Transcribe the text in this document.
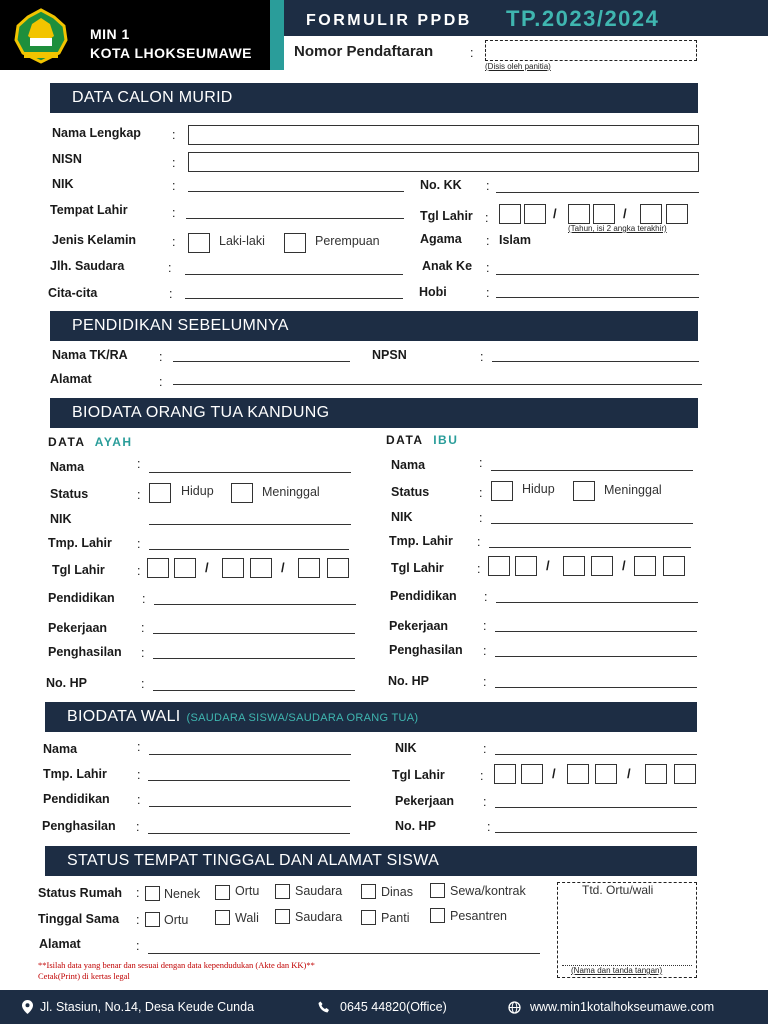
MIN 1
KOTA LHOKSEUMAWE
FORMULIR PPDB TP.2023/2024
Nomor Pendaftaran	:
(Disis oleh panitia)
DATA CALON MURID
Nama Lengkap :
NISN	:
NIK	:	No. KK :
Tempat Lahir	:	Tgl Lahir :	/	/
(Tahun, isi 2 angka terakhir)
Jenis Kelamin	:	Laki-laki	Perempuan	Agama : Islam
Jlh. Saudara	:	Anak Ke :
Cita-cita	:	Hobi	:
PENDIDIKAN SEBELUMNYA
Nama TK/RA	:	NPSN	:
Alamat	:
BIODATA ORANG TUA KANDUNG
DATA AYAH	DATA IBU
Nama	:
Status	:	Hidup	Meninggal
NIK
Tmp. Lahir :
Tgl Lahir	:	/	/
Pendidikan :
Pekerjaan	:
Penghasilan :
No. HP	:
Nama	:
Status	:	Hidup	Meninggal
NIK	:
Tmp. Lahir :
Tgl Lahir	:	/	/
Pendidikan :
Pekerjaan	:
Penghasilan :
No. HP	:
BIODATA WALI (SAUDARA SISWA/SAUDARA ORANG TUA)
Nama	:	NIK	:
Tmp. Lahir :	Tgl Lahir	:	/	/
Pendidikan :	Pekerjaan :
Penghasilan :	No. HP	:
STATUS TEMPAT TINGGAL DAN ALAMAT SISWA
Status Rumah : Nenek	Ortu	Saudara	Dinas	Sewa/kontrak
Tinggal Sama : Ortu	Wali	Saudara	Panti	Pesantren
Alamat	:
**Isilah data yang benar dan sesuai dengan data kependudukan (Akte dan KK)**
Cetak(Print) di kertas legal
Ttd. Ortu/wali
(Nama dan tanda tangan)
Jl. Stasiun, No.14, Desa Keude Cunda	0645 44820(Office)	www.min1kotalhokseumawe.com
